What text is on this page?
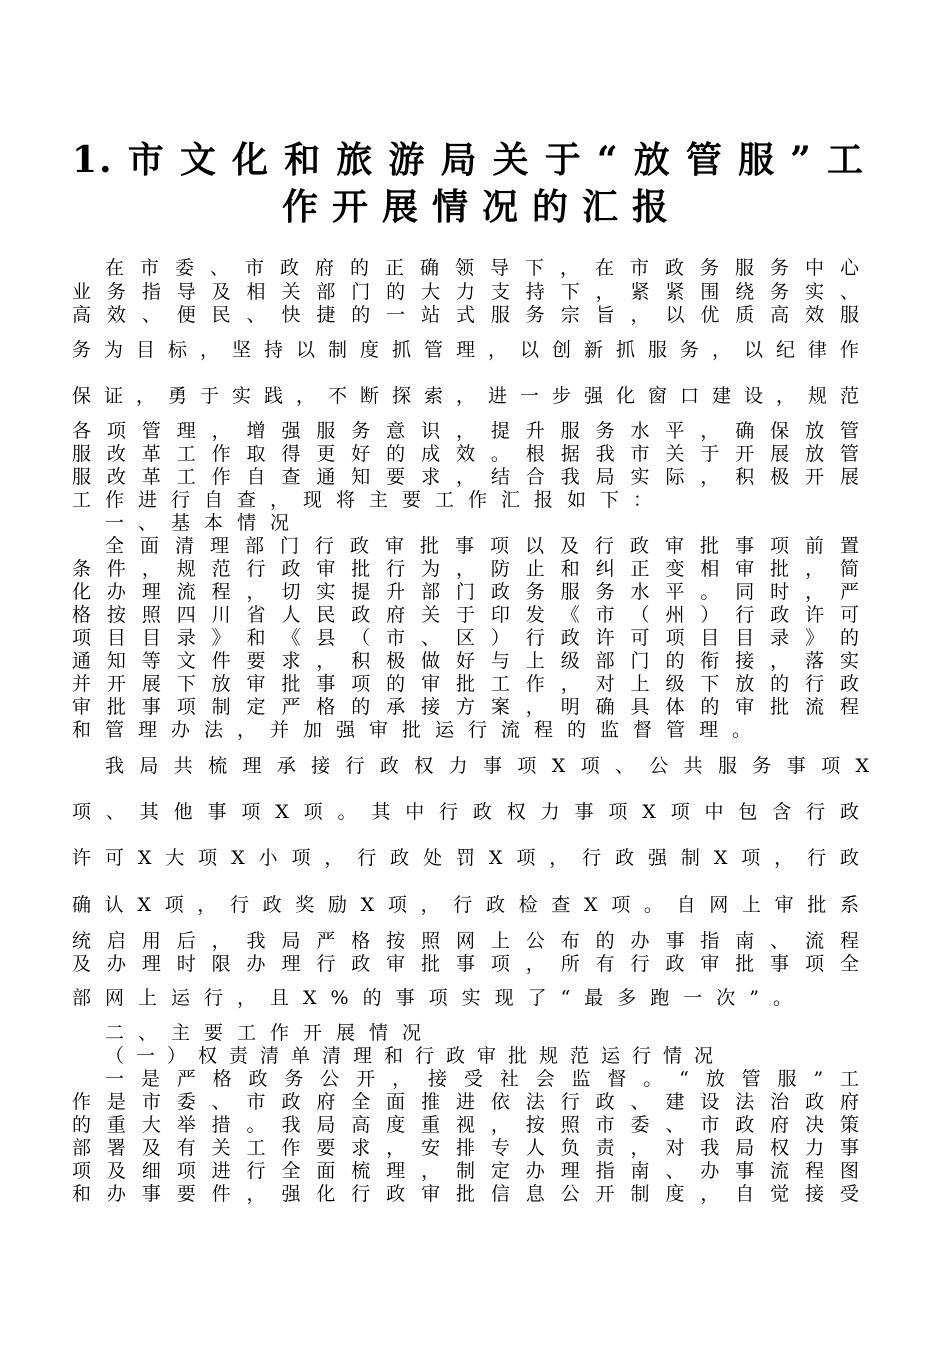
1.市文化和旅游局关于“放管服”工
作开展情况的汇报
在市委、市政府的正确领导下，在市政务服务中心
业务指导及相关部门的大力支持下，紧紧围绕务实、
高效、便民、快捷的一站式服务宗旨，以优质高效服
务为目标，坚持以制度抓管理，以创新抓服务，以纪律作
保证，勇于实践，不断探索，进一步强化窗口建设，规范
各项管理，增强服务意识，提升服务水平，确保放管
服改革工作取得更好的成效。根据我市关于开展放管
服改革工作自查通知要求，结合我局实际，积极开展
工作进行自查，现将主要工作汇报如下：
一、基本情况
全面清理部门行政审批事项以及行政审批事项前置
条件，规范行政审批行为，防止和纠正变相审批，简
化办理流程，切实提升部门政务服务水平。同时，严
格按照四川省人民政府关于印发《市（州）行政许可
项目目录》和《县（市、区）行政许可项目目录》的
通知等文件要求，积极做好与上级部门的衔接，落实
并开展下放审批事项的审批工作，对上级下放的行政
审批事项制定严格的承接方案，明确具体的审批流程
和管理办法，并加强审批运行流程的监督管理。
我局共梳理承接行政权力事项X项、公共服务事项X
项、其他事项X项。其中行政权力事项X项中包含行政
许可X大项X小项，行政处罚X项，行政强制X项，行政
确认X项，行政奖励X项，行政检查X项。自网上审批系
统启用后，我局严格按照网上公布的办事指南、流程
及办理时限办理行政审批事项，所有行政审批事项全
部网上运行，且X%的事项实现了“最多跑一次”。
二、主要工作开展情况
（一）权责清单清理和行政审批规范运行情况
一是严格政务公开，接受社会监督。“放管服”工
作是市委、市政府全面推进依法行政、建设法治政府
的重大举措。我局高度重视，按照市委、市政府决策
部署及有关工作要求，安排专人负责，对我局权力事
项及细项进行全面梳理，制定办理指南、办事流程图
和办事要件，强化行政审批信息公开制度，自觉接受
